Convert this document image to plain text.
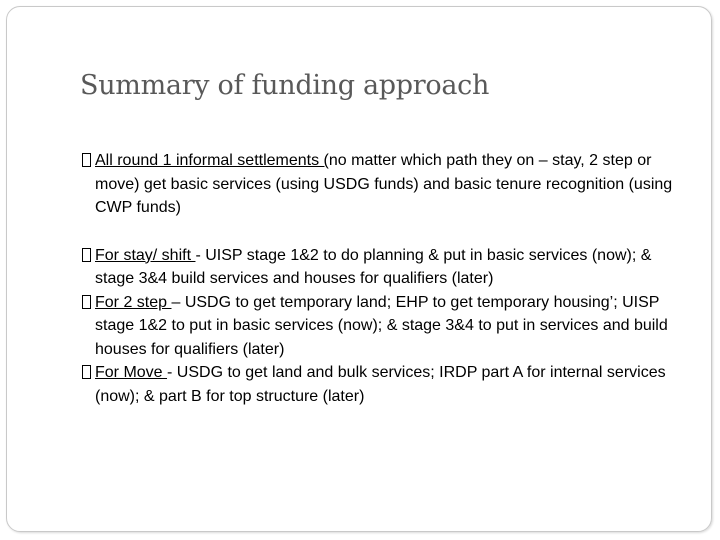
Summary of funding approach

All round 1 informal settlements (no matter which path they on – stay, 2 step or move) get basic services (using USDG funds) and basic tenure recognition (using CWP funds)

For stay/ shift - UISP stage 1&2 to do planning & put in basic services (now); & stage 3&4 build services and houses for qualifiers (later)

For 2 step – USDG to get temporary land; EHP to get temporary housing’; UISP stage 1&2 to put in basic services (now); & stage 3&4 to put in services and build houses for qualifiers (later)

For Move - USDG to get land and bulk services; IRDP part A for internal services (now); & part B for top structure (later)
